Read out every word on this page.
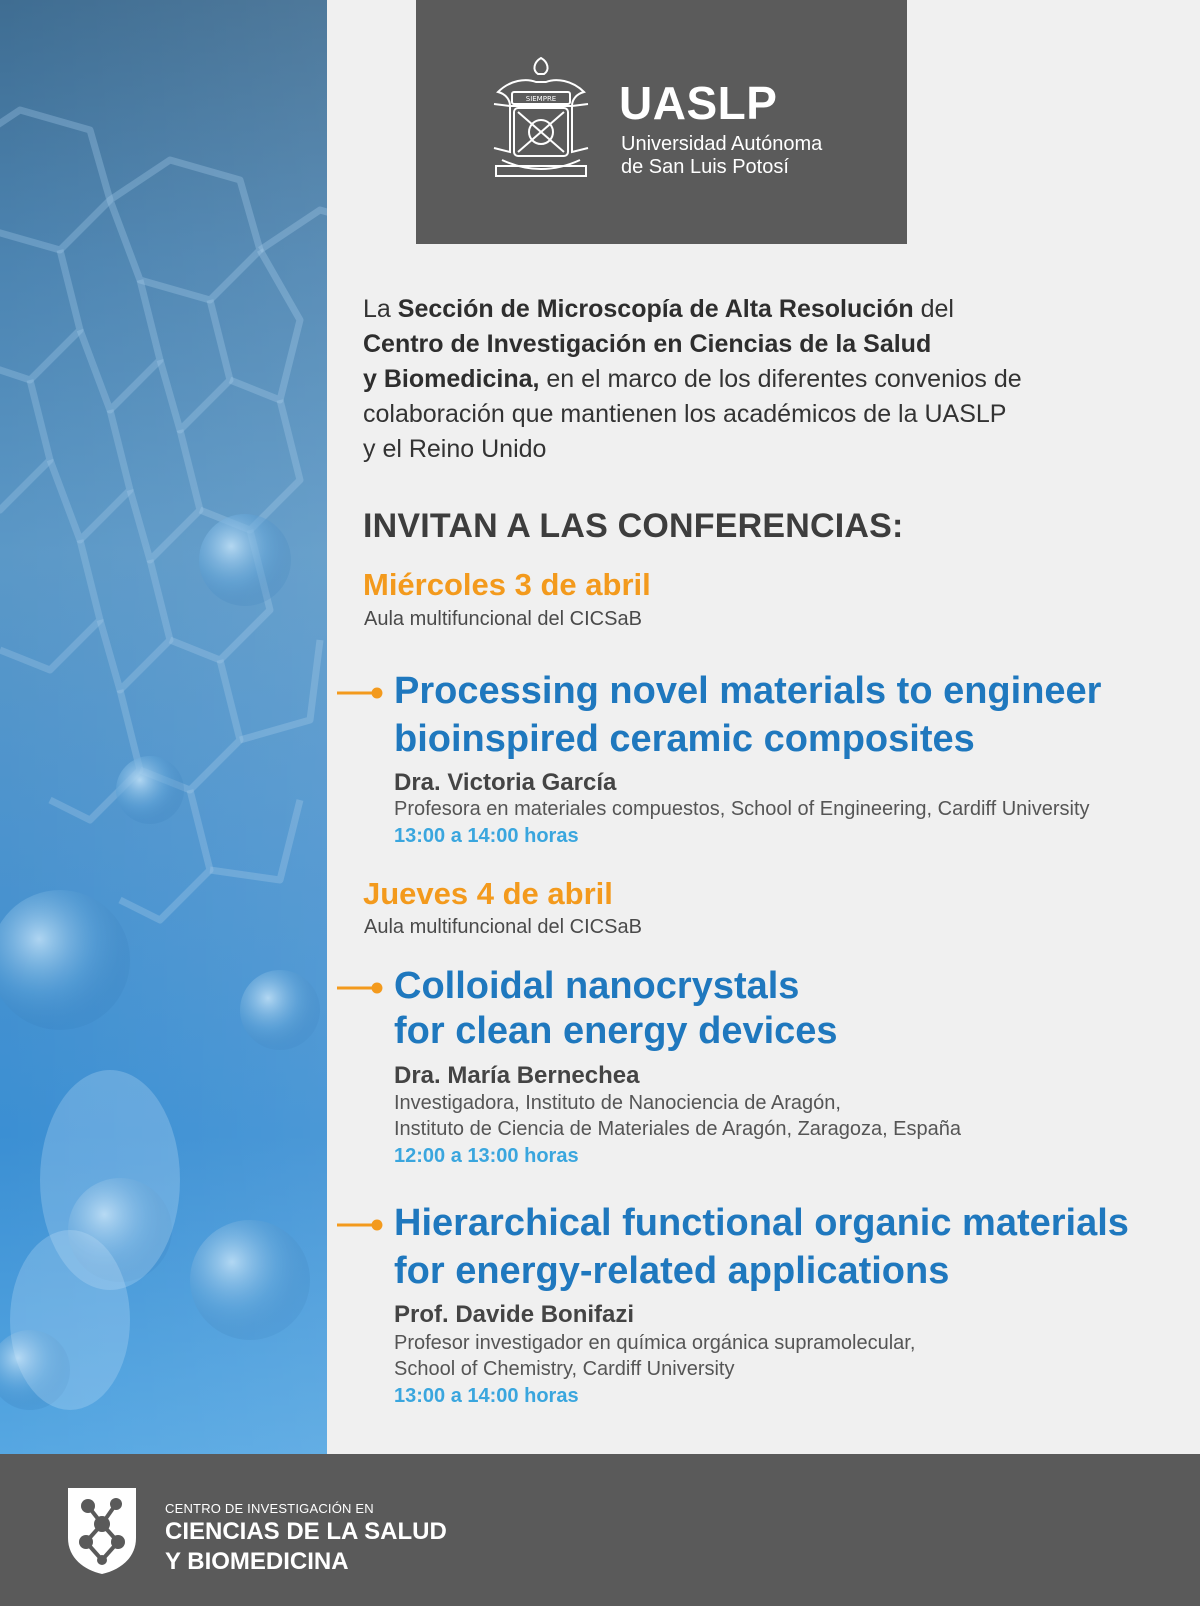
SIEMPRE UASLP
Universidad Autónoma
de San Luis Potosí
La Sección de Microscopía de Alta Resolución del
Centro de Investigación en Ciencias de la Salud
y Biomedicina, en el marco de los diferentes convenios de
colaboración que mantienen los académicos de la UASLP
y el Reino Unido
INVITAN A LAS CONFERENCIAS:
Miércoles 3 de abril
Aula multifuncional del CICSaB
Processing novel materials to engineer
bioinspired ceramic composites
Dra. Victoria García
Profesora en materiales compuestos, School of Engineering, Cardiff University
13:00 a 14:00 horas
Jueves 4 de abril
Aula multifuncional del CICSaB
Colloidal nanocrystals
for clean energy devices
Dra. María Bernechea
Investigadora, Instituto de Nanociencia de Aragón,
Instituto de Ciencia de Materiales de Aragón, Zaragoza, España
12:00 a 13:00 horas
Hierarchical functional organic materials
for energy-related applications
Prof. Davide Bonifazi
Profesor investigador en química orgánica supramolecular,
School of Chemistry, Cardiff University
13:00 a 14:00 horas
CENTRO DE INVESTIGACIÓN EN
CIENCIAS DE LA SALUD
Y BIOMEDICINA
